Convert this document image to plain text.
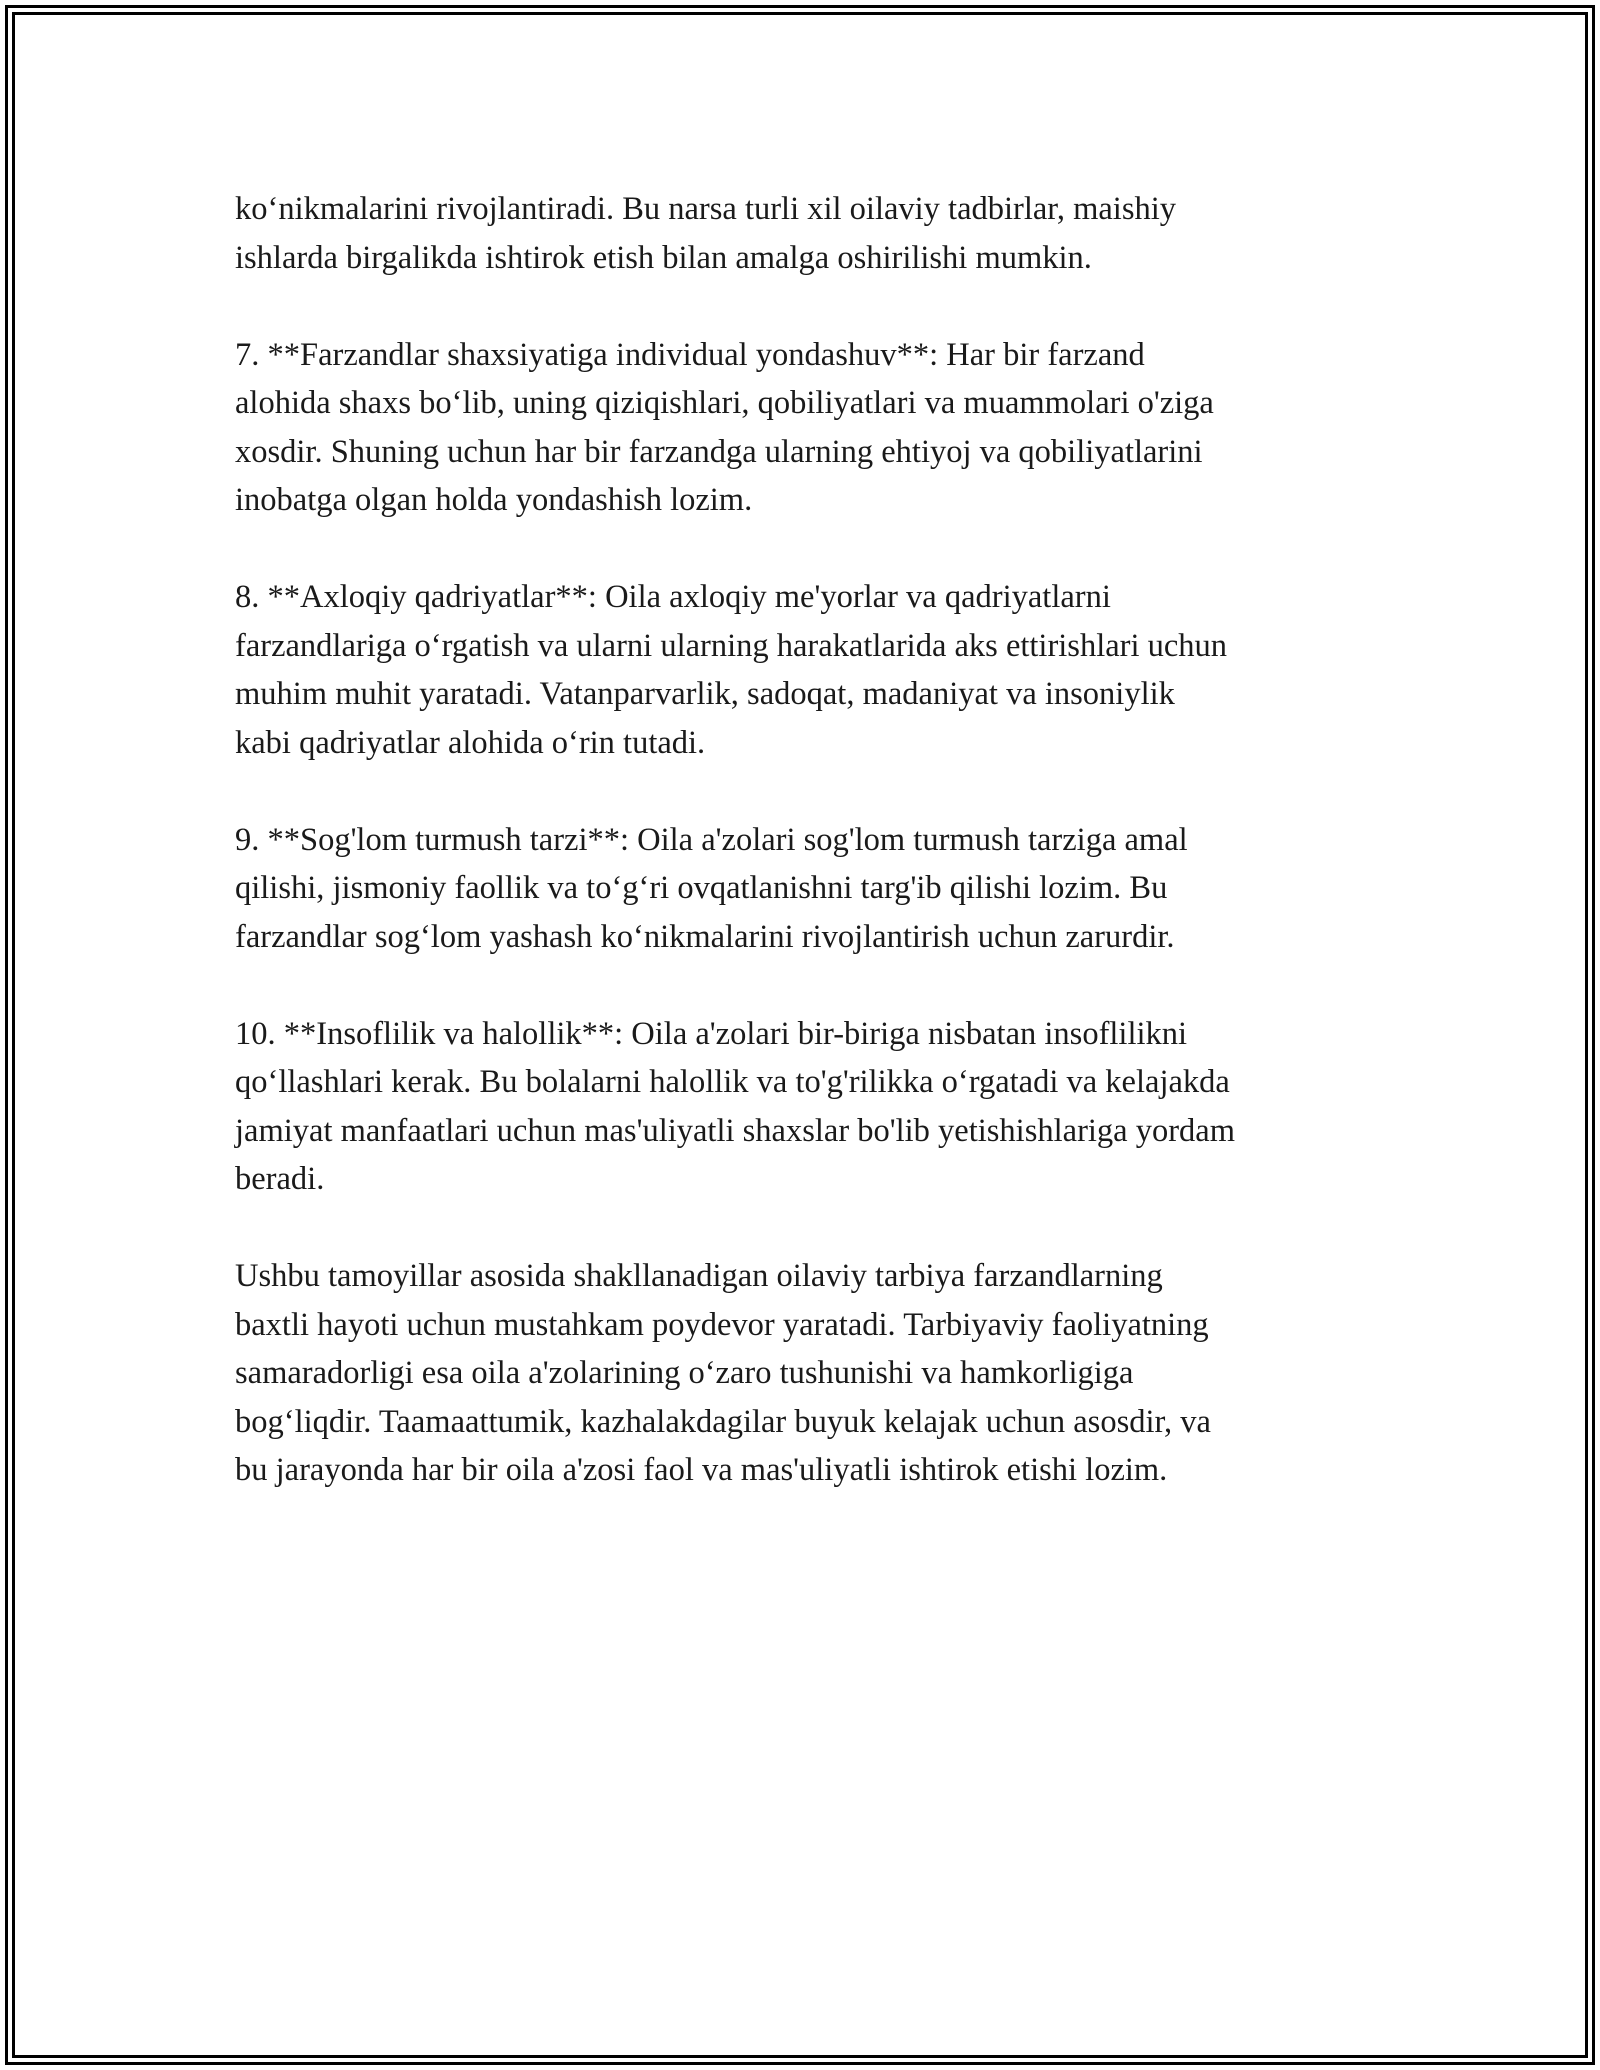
ko‘nikmalarini rivojlantiradi. Bu narsa turli xil oilaviy tadbirlar, maishiy
ishlarda birgalikda ishtirok etish bilan amalga oshirilishi mumkin.

7. **Farzandlar shaxsiyatiga individual yondashuv**: Har bir farzand
alohida shaxs bo‘lib, uning qiziqishlari, qobiliyatlari va muammolari o'ziga
xosdir. Shuning uchun har bir farzandga ularning ehtiyoj va qobiliyatlarini
inobatga olgan holda yondashish lozim.

8. **Axloqiy qadriyatlar**: Oila axloqiy me'yorlar va qadriyatlarni
farzandlariga o‘rgatish va ularni ularning harakatlarida aks ettirishlari uchun
muhim muhit yaratadi. Vatanparvarlik, sadoqat, madaniyat va insoniylik
kabi qadriyatlar alohida o‘rin tutadi.

9. **Sog'lom turmush tarzi**: Oila a'zolari sog'lom turmush tarziga amal
qilishi, jismoniy faollik va to‘g‘ri ovqatlanishni targ'ib qilishi lozim. Bu
farzandlar sog‘lom yashash ko‘nikmalarini rivojlantirish uchun zarurdir.

10. **Insoflilik va halollik**: Oila a'zolari bir-biriga nisbatan insoflilikni
qo‘llashlari kerak. Bu bolalarni halollik va to'g'rilikka o‘rgatadi va kelajakda
jamiyat manfaatlari uchun mas'uliyatli shaxslar bo'lib yetishishlariga yordam
beradi.

Ushbu tamoyillar asosida shakllanadigan oilaviy tarbiya farzandlarning
baxtli hayoti uchun mustahkam poydevor yaratadi. Tarbiyaviy faoliyatning
samaradorligi esa oila a'zolarining o‘zaro tushunishi va hamkorligiga
bog‘liqdir. Taamaattumik, kazhalakdagilar buyuk kelajak uchun asosdir, va
bu jarayonda har bir oila a'zosi faol va mas'uliyatli ishtirok etishi lozim.
